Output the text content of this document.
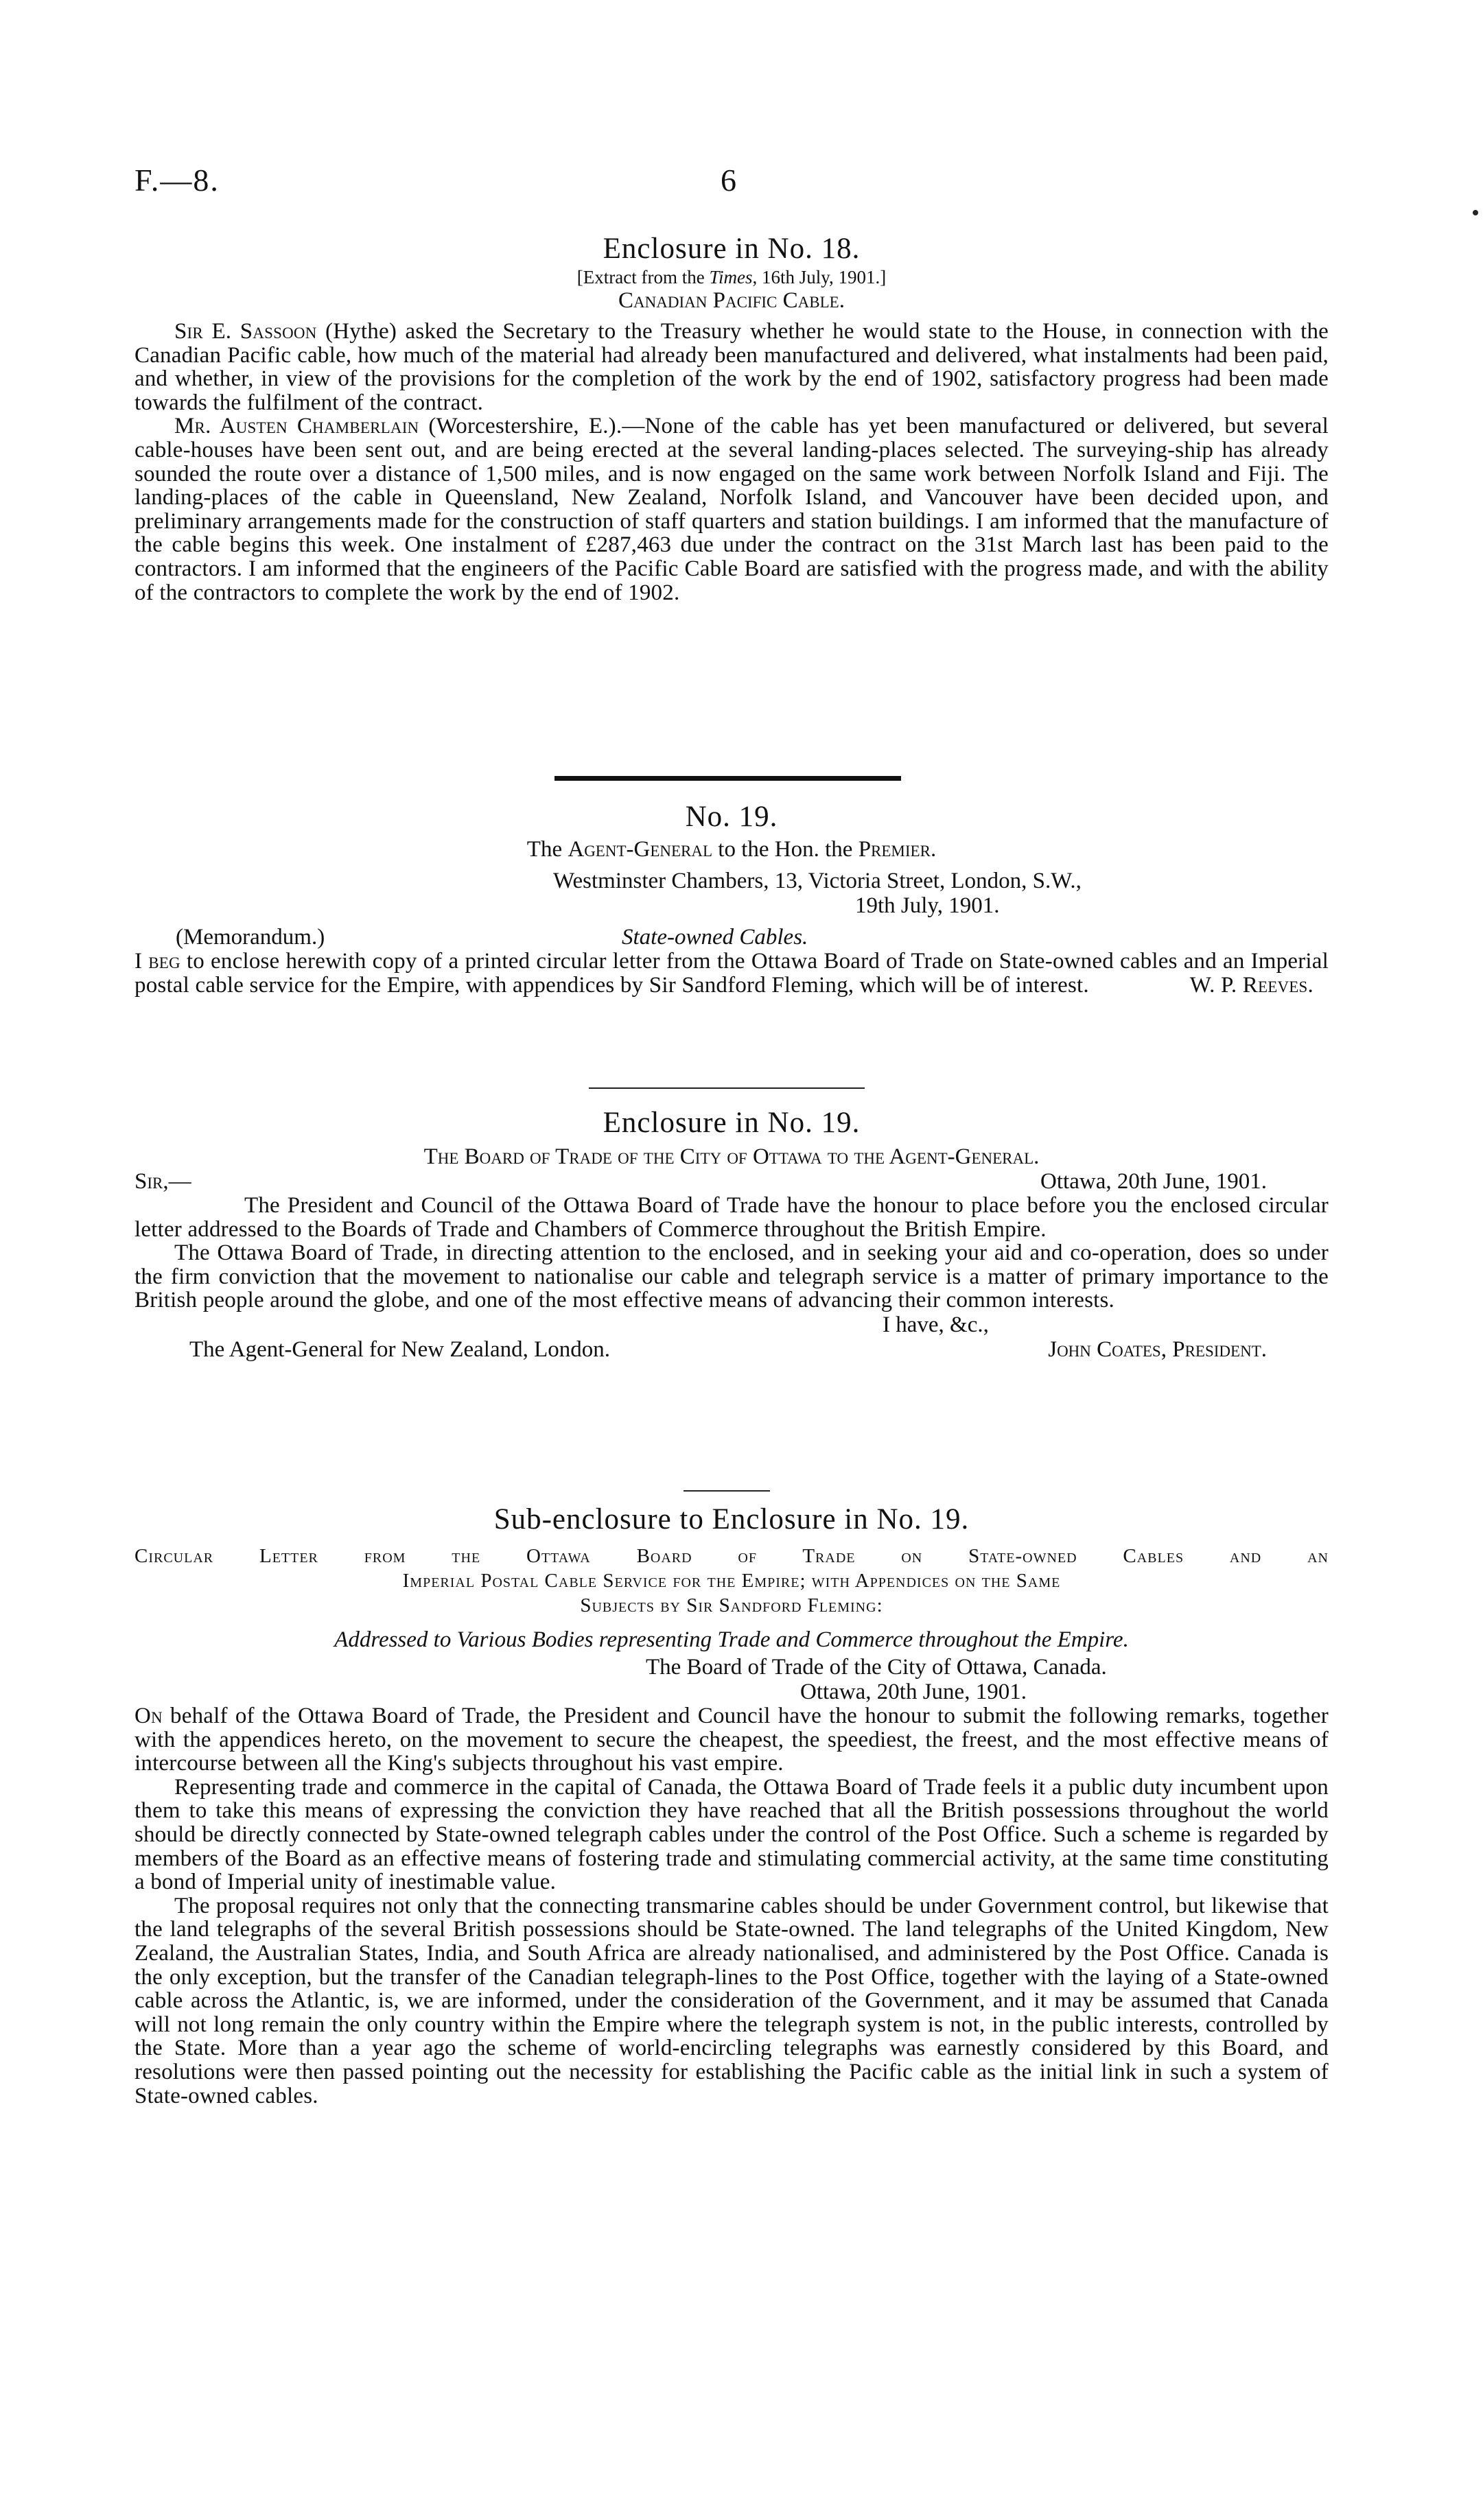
F.—8.	6

Enclosure in No. 18.

[Extract from the Times, 16th July, 1901.]

Canadian Pacific Cable.

Sir E. Sassoon (Hythe) asked the Secretary to the Treasury whether he would state to the House, in connection with the Canadian Pacific cable, how much of the material had already been manufactured and delivered, what instalments had been paid, and whether, in view of the provisions for the completion of the work by the end of 1902, satisfactory progress had been made towards the fulfilment of the contract.

Mr. Austen Chamberlain (Worcestershire, E.).—None of the cable has yet been manufactured or delivered, but several cable-houses have been sent out, and are being erected at the several landing-places selected. The surveying-ship has already sounded the route over a distance of 1,500 miles, and is now engaged on the same work between Norfolk Island and Fiji. The landing-places of the cable in Queensland, New Zealand, Norfolk Island, and Vancouver have been decided upon, and preliminary arrangements made for the construction of staff quarters and station buildings. I am informed that the manufacture of the cable begins this week. One instalment of £287,463 due under the contract on the 31st March last has been paid to the contractors. I am informed that the engineers of the Pacific Cable Board are satisfied with the progress made, and with the ability of the contractors to complete the work by the end of 1902.

No. 19.

The Agent-General to the Hon. the Premier.

Westminster Chambers, 13, Victoria Street, London, S.W.,

19th July, 1901.

(Memorandum.)	State-owned Cables.

I beg to enclose herewith copy of a printed circular letter from the Ottawa Board of Trade on State-owned cables and an Imperial postal cable service for the Empire, with appendices by Sir Sandford Fleming, which will be of interest.	W. P. Reeves.

Enclosure in No. 19.

The Board of Trade of the City of Ottawa to the Agent-General.

Sir,—	Ottawa, 20th June, 1901.

The President and Council of the Ottawa Board of Trade have the honour to place before you the enclosed circular letter addressed to the Boards of Trade and Chambers of Commerce throughout the British Empire.

The Ottawa Board of Trade, in directing attention to the enclosed, and in seeking your aid and co-operation, does so under the firm conviction that the movement to nationalise our cable and telegraph service is a matter of primary importance to the British people around the globe, and one of the most effective means of advancing their common interests.

I have, &c.,

The Agent-General for New Zealand, London.	John Coates, President.

Sub-enclosure to Enclosure in No. 19.

Circular Letter from the Ottawa Board of Trade on State-owned Cables and an

Imperial Postal Cable Service for the Empire; with Appendices on the Same

Subjects by Sir Sandford Fleming:

Addressed to Various Bodies representing Trade and Commerce throughout the Empire.

The Board of Trade of the City of Ottawa, Canada.

Ottawa, 20th June, 1901.

On behalf of the Ottawa Board of Trade, the President and Council have the honour to submit the following remarks, together with the appendices hereto, on the movement to secure the cheapest, the speediest, the freest, and the most effective means of intercourse between all the King's subjects throughout his vast empire.

Representing trade and commerce in the capital of Canada, the Ottawa Board of Trade feels it a public duty incumbent upon them to take this means of expressing the conviction they have reached that all the British possessions throughout the world should be directly connected by State-owned telegraph cables under the control of the Post Office. Such a scheme is regarded by members of the Board as an effective means of fostering trade and stimulating commercial activity, at the same time constituting a bond of Imperial unity of inestimable value.

The proposal requires not only that the connecting transmarine cables should be under Government control, but likewise that the land telegraphs of the several British possessions should be State-owned. The land telegraphs of the United Kingdom, New Zealand, the Australian States, India, and South Africa are already nationalised, and administered by the Post Office. Canada is the only exception, but the transfer of the Canadian telegraph-lines to the Post Office, together with the laying of a State-owned cable across the Atlantic, is, we are informed, under the consideration of the Government, and it may be assumed that Canada will not long remain the only country within the Empire where the telegraph system is not, in the public interests, controlled by the State. More than a year ago the scheme of world-encircling telegraphs was earnestly considered by this Board, and resolutions were then passed pointing out the necessity for establishing the Pacific cable as the initial link in such a system of State-owned cables.
